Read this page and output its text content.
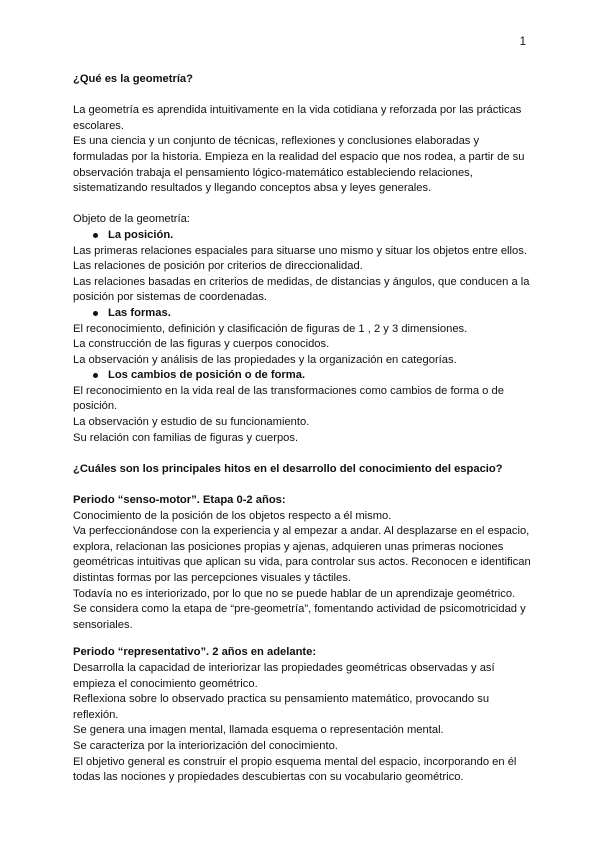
1

¿Qué es la geometría?

La geometría es aprendida intuitivamente en la vida cotidiana y reforzada por las prácticas escolares.

Es una ciencia y un conjunto de técnicas, reflexiones y conclusiones elaboradas y formuladas por la historia. Empieza en la realidad del espacio que nos rodea, a partir de su observación trabaja el pensamiento lógico-matemático estableciendo relaciones, sistematizando resultados y llegando conceptos absa y leyes generales.

Objeto de la geometría:

La posición.

Las primeras relaciones espaciales para situarse uno mismo y situar los objetos entre ellos.

Las relaciones de posición por criterios de direccionalidad.

Las relaciones basadas en criterios de medidas, de distancias y ángulos, que conducen a la posición por sistemas de coordenadas.

Las formas.

El reconocimiento, definición y clasificación de figuras de 1 , 2 y 3 dimensiones.

La construcción de las figuras y cuerpos conocidos.

La observación y análisis de las propiedades y la organización en categorías.

Los cambios de posición o de forma.

El reconocimiento en la vida real de las transformaciones como cambios de forma o de posición.

La observación y estudio de su funcionamiento.

Su relación con familias de figuras y cuerpos.

¿Cuáles son los principales hitos en el desarrollo del conocimiento del espacio?

Periodo “senso-motor”. Etapa 0-2 años:

Conocimiento de la posición de los objetos respecto a él mismo.

Va perfeccionándose con la experiencia y al empezar a andar. Al desplazarse en el espacio, explora, relacionan las posiciones propias y ajenas, adquieren unas primeras nociones geométricas intuitivas que aplican su vida, para controlar sus actos. Reconocen e identifican distintas formas por las percepciones visuales y táctiles.

Todavía no es interiorizado, por lo que no se puede hablar de un aprendizaje geométrico.

Se considera como la etapa de “pre-geometría”, fomentando actividad de psicomotricidad y sensoriales.

Periodo “representativo”. 2 años en adelante:

Desarrolla la capacidad de interiorizar las propiedades geométricas observadas y así empieza el conocimiento geométrico.

Reflexiona sobre lo observado practica su pensamiento matemático, provocando su reflexión.

Se genera una imagen mental, llamada esquema o representación mental.

Se caracteriza por la interiorización del conocimiento.

El objetivo general es construir el propio esquema mental del espacio, incorporando en él todas las nociones y propiedades descubiertas con su vocabulario geométrico.
